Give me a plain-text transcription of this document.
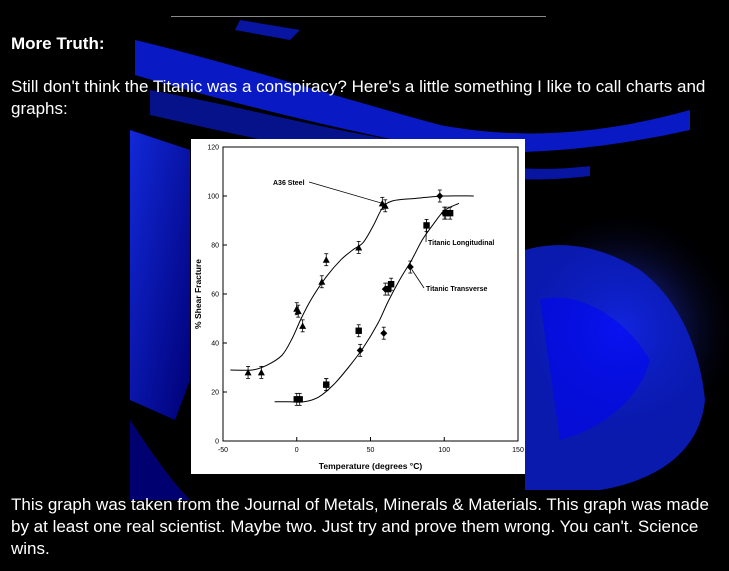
More Truth:

Still don't think the Titanic was a conspiracy? Here's a little something I like to call charts and graphs:

0
20
40
60
80
100
120
-50	0	50	100	150
Temperature (degrees °C)
% Shear Fracture
A36 Steel
Titanic Longitudinal
Titanic Transverse

This graph was taken from the Journal of Metals, Minerals & Materials. This graph was made by at least one real scientist. Maybe two. Just try and prove them wrong. You can't. Science wins.
